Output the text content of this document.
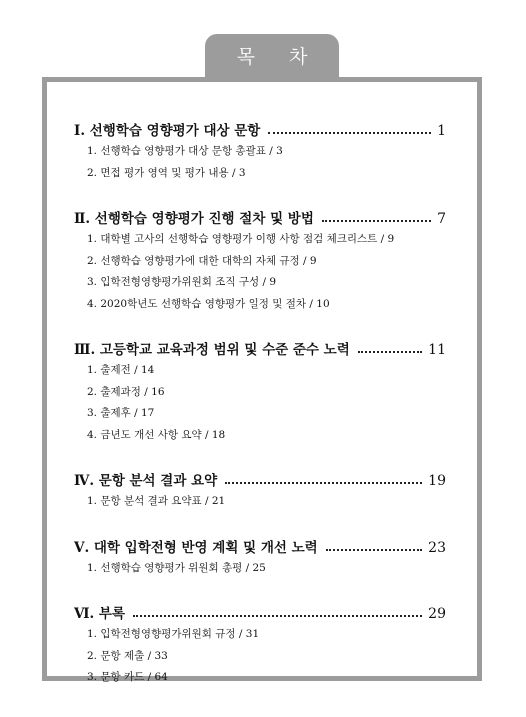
목 차
Ⅰ. 선행학습 영향평가 대상 문항	1
1. 선행학습 영향평가 대상 문항 총괄표 / 3
2. 면접 평가 영역 및 평가 내용 / 3
Ⅱ. 선행학습 영향평가 진행 절차 및 방법	7
1. 대학별 고사의 선행학습 영향평가 이행 사항 점검 체크리스트 / 9
2. 선행학습 영향평가에 대한 대학의 자체 규정 / 9
3. 입학전형영향평가위원회 조직 구성 / 9
4. 2020학년도 선행학습 영향평가 일정 및 절차 / 10
Ⅲ. 고등학교 교육과정 범위 및 수준 준수 노력	11
1. 출제전 / 14
2. 출제과정 / 16
3. 출제후 / 17
4. 금년도 개선 사항 요약 / 18
Ⅳ. 문항 분석 결과 요약	19
1. 문항 분석 결과 요약표 / 21
Ⅴ. 대학 입학전형 반영 계획 및 개선 노력	23
1. 선행학습 영향평가 위원회 총평 / 25
Ⅵ. 부록	29
1. 입학전형영향평가위원회 규정 / 31
2. 문항 제출 / 33
3. 문항 카드 / 64
